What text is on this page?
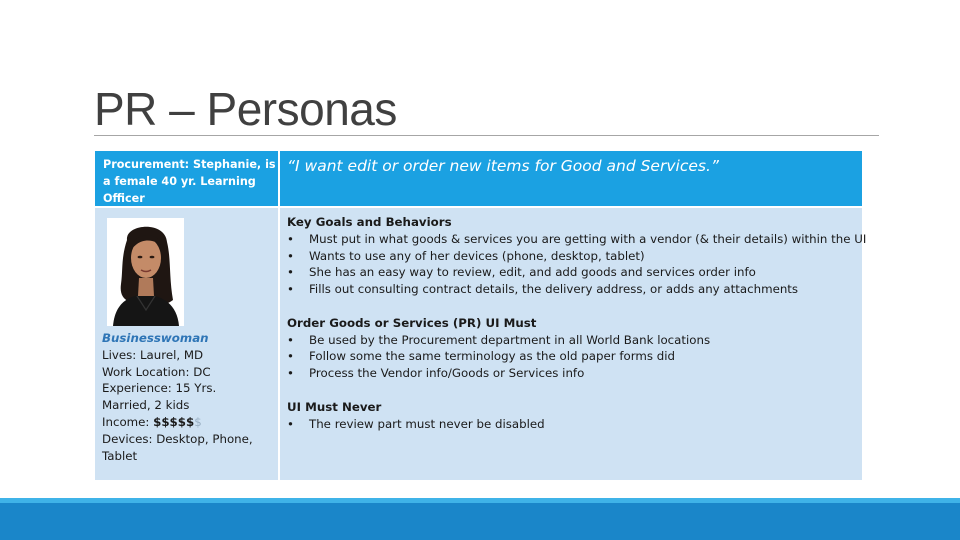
PR – Personas
Procurement: Stephanie, is a female 40 yr. Learning Officer
“I want edit or order new items for Good and Services.”
Businesswoman
Lives: Laurel, MD
Work Location: DC
Experience: 15 Yrs.
Married, 2 kids
Income: $$$$$$
Devices: Desktop, Phone, Tablet
Key Goals and Behaviors
• Must put in what goods & services you are getting with a vendor (& their details) within the UI
• Wants to use any of her devices (phone, desktop, tablet)
• She has an easy way to review, edit, and add goods and services order info
• Fills out consulting contract details, the delivery address, or adds any attachments
Order Goods or Services (PR) UI Must
• Be used by the Procurement department in all World Bank locations
• Follow some the same terminology as the old paper forms did
• Process the Vendor info/Goods or Services info
UI Must Never
• The review part must never be disabled
